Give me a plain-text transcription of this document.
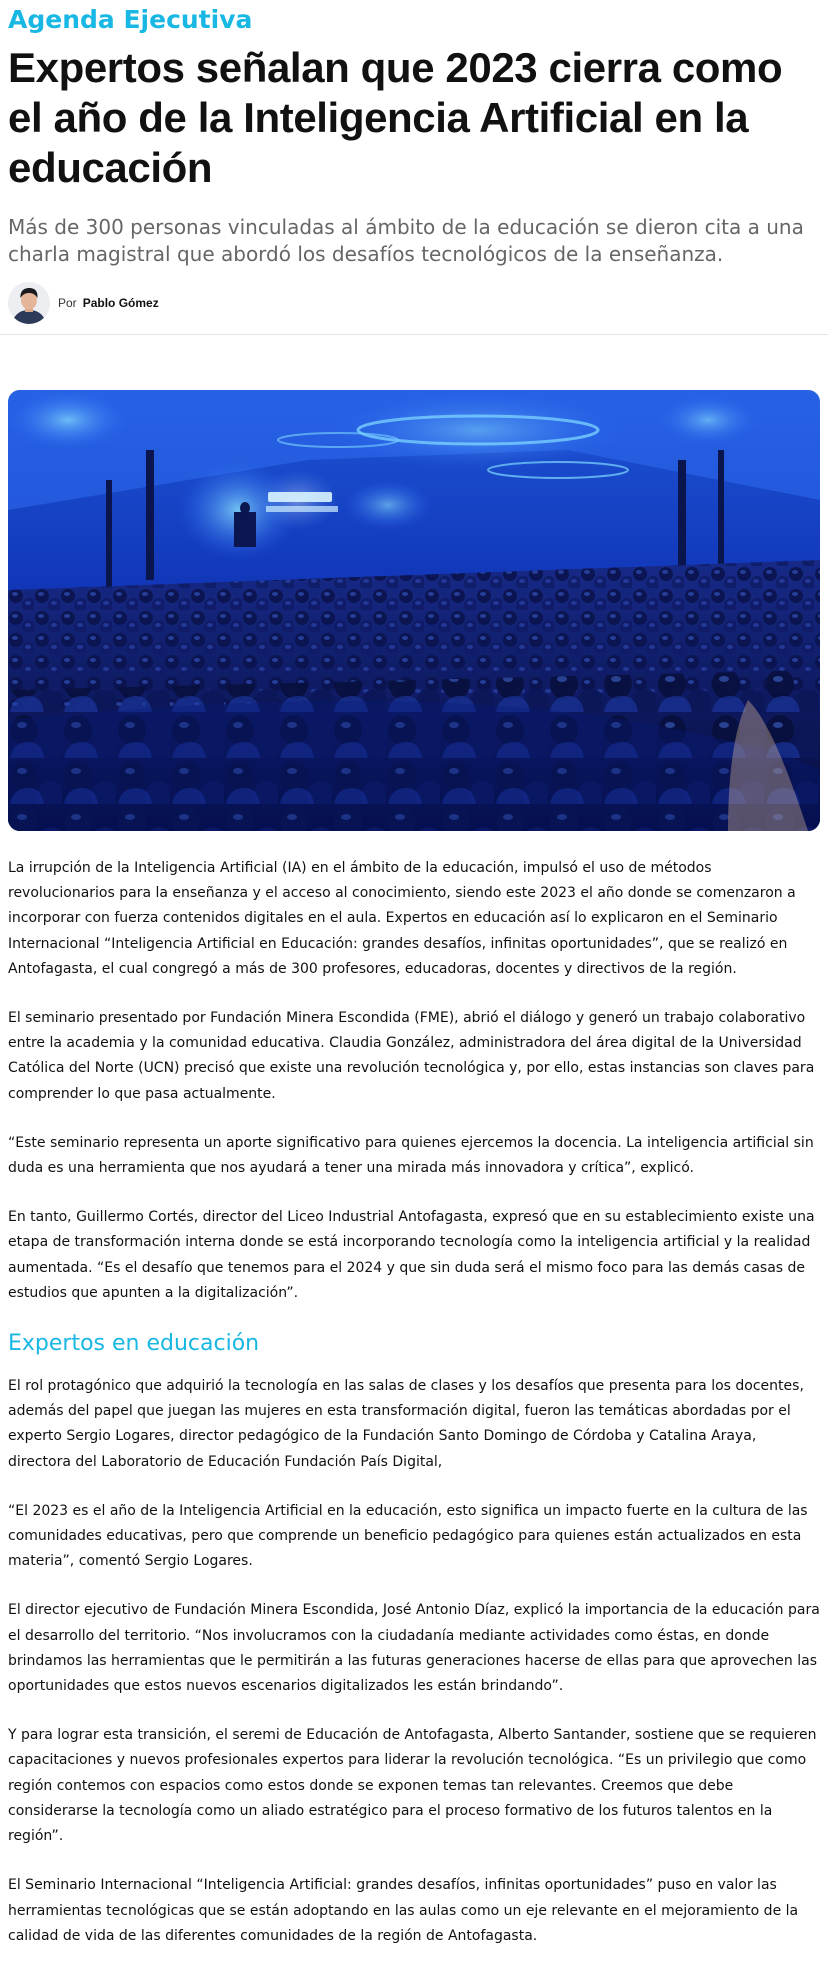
Agenda Ejecutiva
Expertos señalan que 2023 cierra como el año de la Inteligencia Artificial en la educación

Más de 300 personas vinculadas al ámbito de la educación se dieron cita a una charla magistral que abordó los desafíos tecnológicos de la enseñanza.

Por Pablo Gómez

La irrupción de la Inteligencia Artificial (IA) en el ámbito de la educación, impulsó el uso de métodos revolucionarios para la enseñanza y el acceso al conocimiento, siendo este 2023 el año donde se comenzaron a incorporar con fuerza contenidos digitales en el aula. Expertos en educación así lo explicaron en el Seminario Internacional “Inteligencia Artificial en Educación: grandes desafíos, infinitas oportunidades”, que se realizó en Antofagasta, el cual congregó a más de 300 profesores, educadoras, docentes y directivos de la región.

El seminario presentado por Fundación Minera Escondida (FME), abrió el diálogo y generó un trabajo colaborativo entre la academia y la comunidad educativa. Claudia González, administradora del área digital de la Universidad Católica del Norte (UCN) precisó que existe una revolución tecnológica y, por ello, estas instancias son claves para comprender lo que pasa actualmente.

“Este seminario representa un aporte significativo para quienes ejercemos la docencia. La inteligencia artificial sin duda es una herramienta que nos ayudará a tener una mirada más innovadora y crítica”, explicó.

En tanto, Guillermo Cortés, director del Liceo Industrial Antofagasta, expresó que en su establecimiento existe una etapa de transformación interna donde se está incorporando tecnología como la inteligencia artificial y la realidad aumentada. “Es el desafío que tenemos para el 2024 y que sin duda será el mismo foco para las demás casas de estudios que apunten a la digitalización”.

Expertos en educación

El rol protagónico que adquirió la tecnología en las salas de clases y los desafíos que presenta para los docentes, además del papel que juegan las mujeres en esta transformación digital, fueron las temáticas abordadas por el experto Sergio Logares, director pedagógico de la Fundación Santo Domingo de Córdoba y Catalina Araya, directora del Laboratorio de Educación Fundación País Digital,

“El 2023 es el año de la Inteligencia Artificial en la educación, esto significa un impacto fuerte en la cultura de las comunidades educativas, pero que comprende un beneficio pedagógico para quienes están actualizados en esta materia”, comentó Sergio Logares.

El director ejecutivo de Fundación Minera Escondida, José Antonio Díaz, explicó la importancia de la educación para el desarrollo del territorio. “Nos involucramos con la ciudadanía mediante actividades como éstas, en donde brindamos las herramientas que le permitirán a las futuras generaciones hacerse de ellas para que aprovechen las oportunidades que estos nuevos escenarios digitalizados les están brindando”.

Y para lograr esta transición, el seremi de Educación de Antofagasta, Alberto Santander, sostiene que se requieren capacitaciones y nuevos profesionales expertos para liderar la revolución tecnológica. “Es un privilegio que como región contemos con espacios como estos donde se exponen temas tan relevantes. Creemos que debe considerarse la tecnología como un aliado estratégico para el proceso formativo de los futuros talentos en la región”.

El Seminario Internacional “Inteligencia Artificial: grandes desafíos, infinitas oportunidades” puso en valor las herramientas tecnológicas que se están adoptando en las aulas como un eje relevante en el mejoramiento de la calidad de vida de las diferentes comunidades de la región de Antofagasta.
